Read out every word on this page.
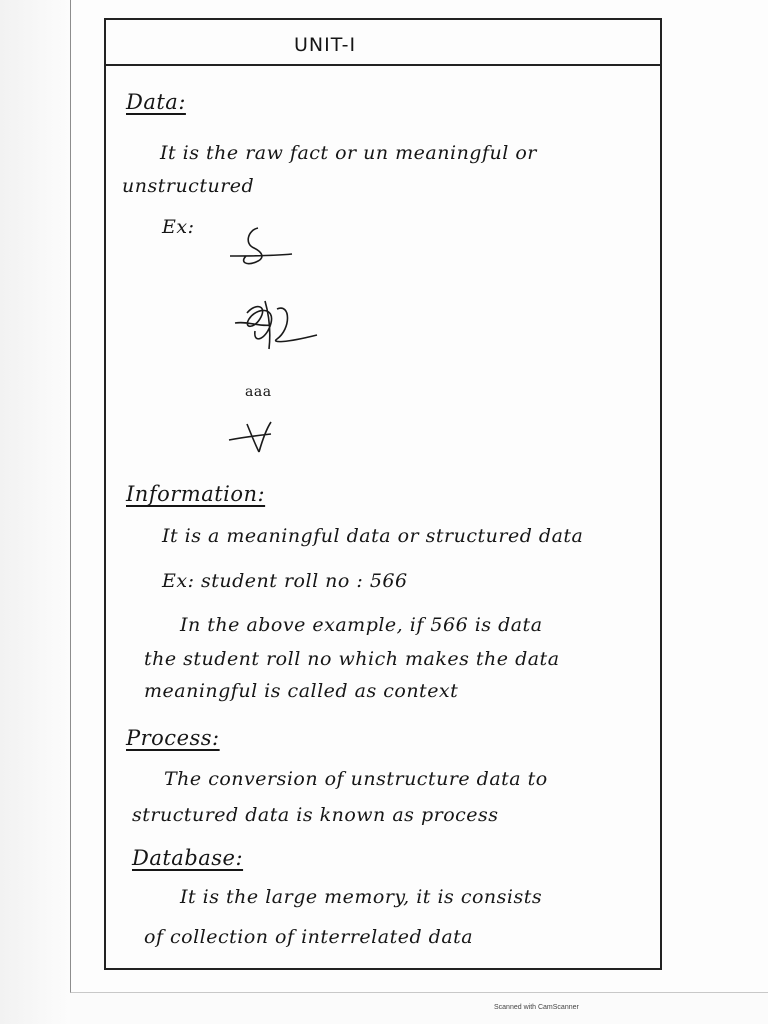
UNIT-I
Data:
It is the raw fact or un meaningful or
unstructured
Ex:
aaa
Information:
It is a meaningful data or structured data
Ex: student roll no : 566
In the above example, if 566 is data
the student roll no which makes the data
meaningful is called as context
Process:
The conversion of unstructure data to
structured data is known as process
Database:
It is the large memory, it is consists
of collection of interrelated data
Scanned with CamScanner
